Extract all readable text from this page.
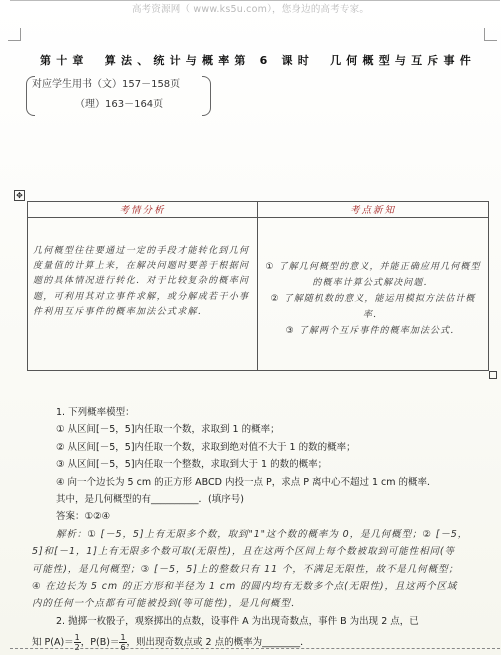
高考资源网（ www.ks5u.com），您身边的高考专家。
第十章　算法、统计与概率第 6 课时　几何概型与互斥事件
对应学生用书（文）157－158页
（理）163－164页
✥
考情分析	考点新知
几何概型往往要通过一定的手段才能转化到几何度量值的计算上来，在解决问题时要善于根据问题的具体情况进行转化．对于比较复杂的概率问题，可利用其对立事件求解，或分解成若干小事件利用互斥事件的概率加法公式求解．	① 了解几何概型的意义，并能正确应用几何概型的概率计算公式解决问题．
② 了解随机数的意义，能运用模拟方法估计概率．
③ 了解两个互斥事件的概率加法公式．
1. 下列概率模型：
① 从区间[－5，5]内任取一个数，求取到 1 的概率；
② 从区间[－5，5]内任取一个数，求取到绝对值不大于 1 的数的概率；
③ 从区间[－5，5]内任取一个整数，求取到大于 1 的数的概率；
④ 向一个边长为 5 cm 的正方形 ABCD 内投一点 P，求点 P 离中心不超过 1 cm 的概率．
其中，是几何概型的有__________．(填序号)
答案：①②④
解析：① [－5，5]上有无限多个数，取到"1"这个数的概率为 0，是几何概型；② [－5，
5]和[－1，1]上有无限多个数可取(无限性)，且在这两个区间上每个数被取到可能性相同(等
可能性)，是几何概型；③ [－5，5]上的整数只有 11 个，不满足无限性，故不是几何概型；
④ 在边长为 5 cm 的正方形和半径为 1 cm 的圆内均有无数多个点(无限性)，且这两个区域
内的任何一个点都有可能被投到(等可能性)，是几何概型．
2. 抛掷一枚骰子，观察掷出的点数，设事件 A 为出现奇数点，事件 B 为出现 2 点，已
知 $P(A)= \frac{1}{2}$ ，$P(B)= \frac{1}{6}$ ，则出现奇数点或 2 点的概率为________．
